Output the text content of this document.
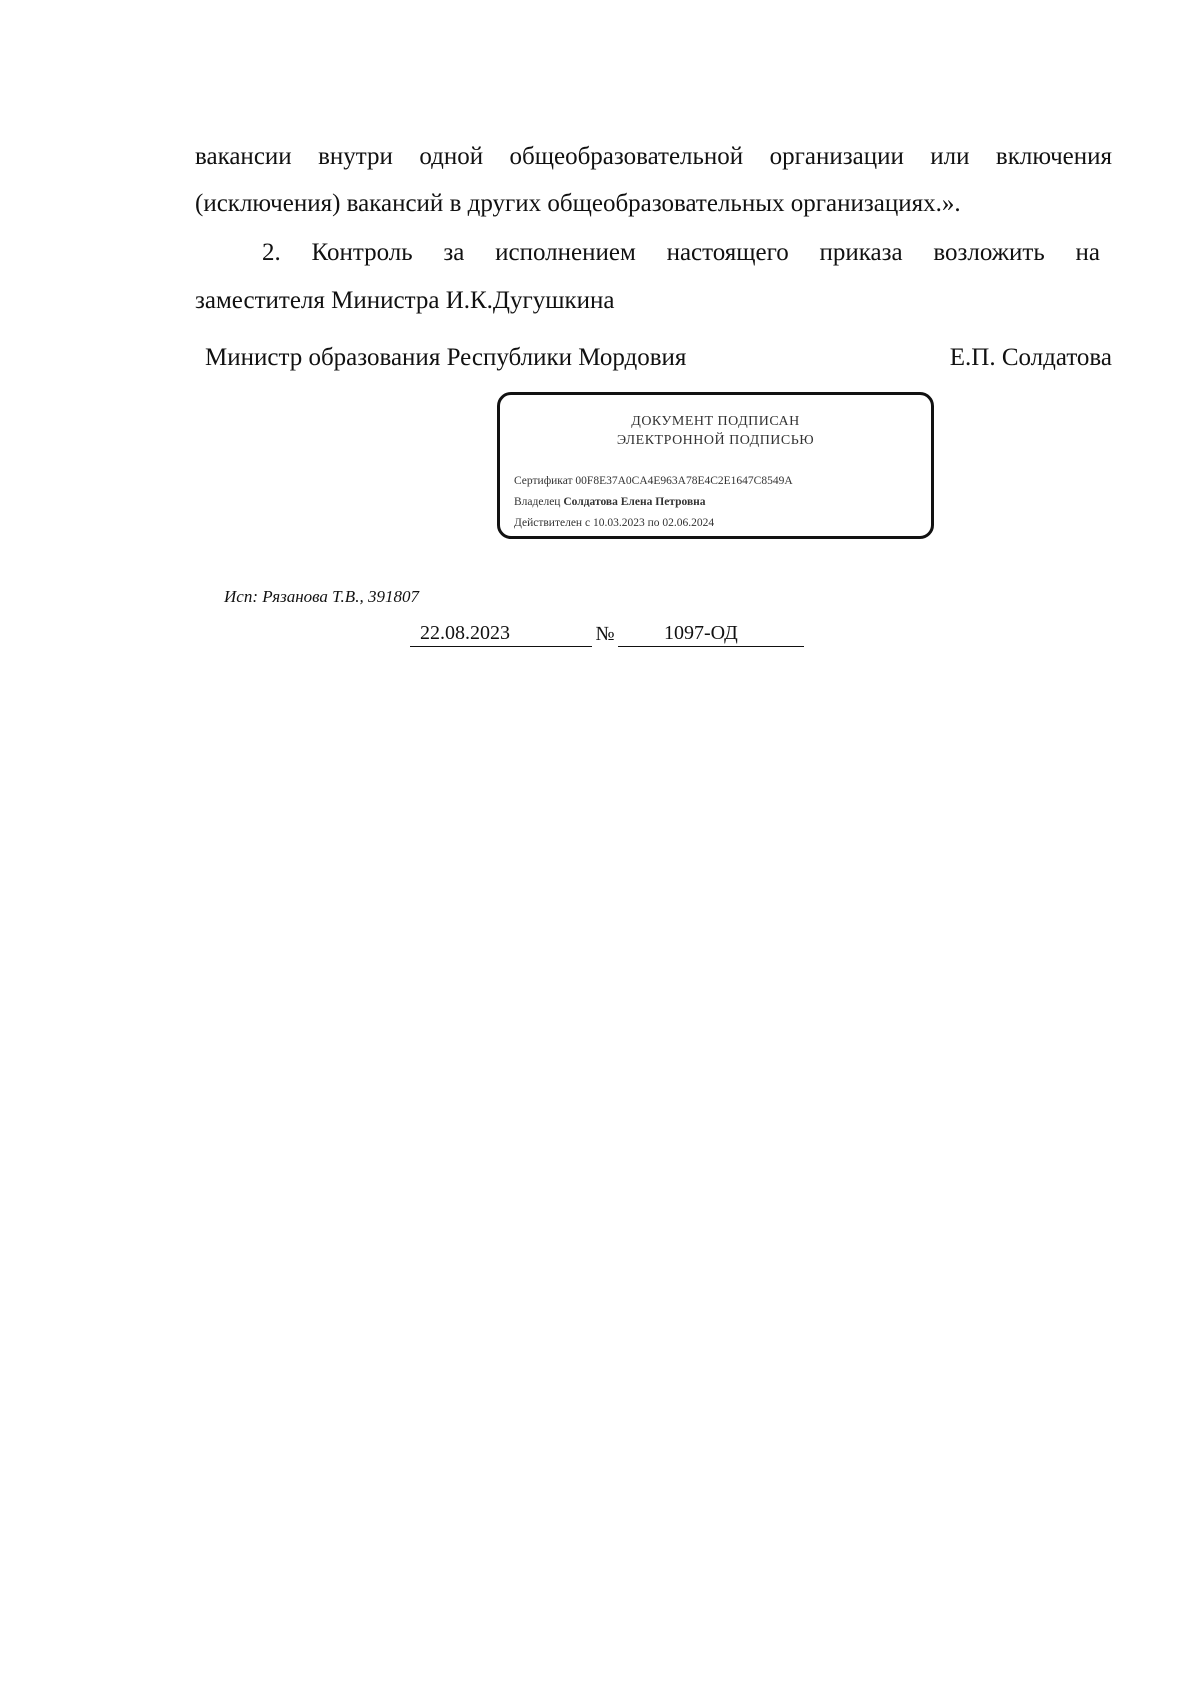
вакансии внутри одной общеобразовательной организации или включения
(исключения) вакансий в других общеобразовательных организациях.».
2. Контроль за исполнением настоящего приказа возложить на
заместителя Министра И.К.Дугушкина
Министр образования Республики Мордовия	Е.П. Солдатова
ДОКУМЕНТ ПОДПИСАН
ЭЛЕКТРОННОЙ ПОДПИСЬЮ
Сертификат 00F8E37A0CA4E963A78E4C2E1647C8549A
Владелец Солдатова Елена Петровна
Действителен с 10.03.2023 по 02.06.2024
Исп: Рязанова Т.В., 391807
22.08.2023	№ 1097-ОД
